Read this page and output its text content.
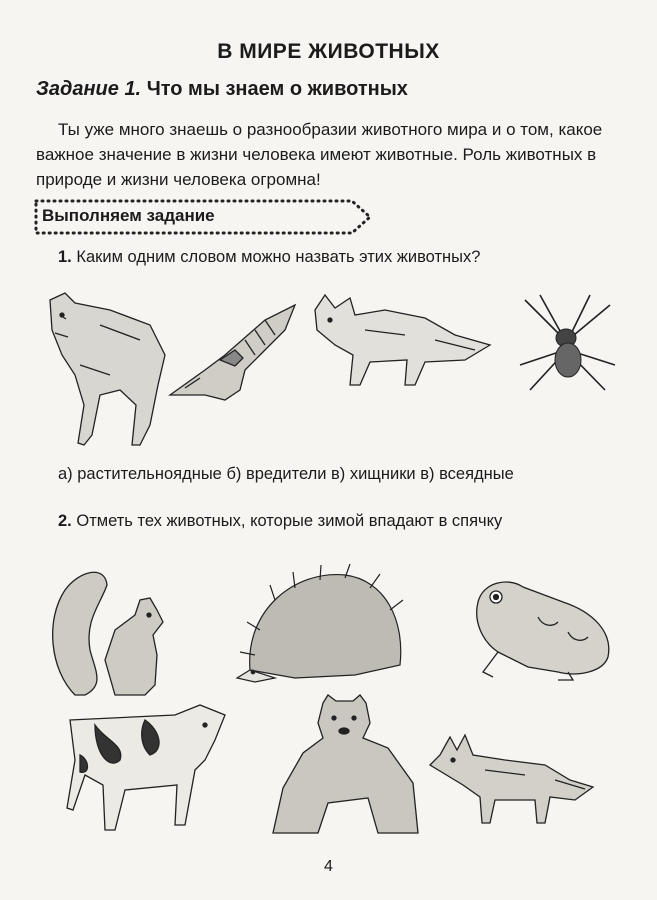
В МИРЕ ЖИВОТНЫХ
Задание 1. Что мы знаем о животных
Ты уже много знаешь о разнообразии животного мира и о том, какое важное значение в жизни человека имеют животные. Роль животных в природе и жизни человека огромна!
Выполняем задание
1. Каким одним словом можно назвать этих животных?
а) растительноядные б) вредители в) хищники в) всеядные
2. Отметь тех животных, которые зимой впадают в спячку
4
